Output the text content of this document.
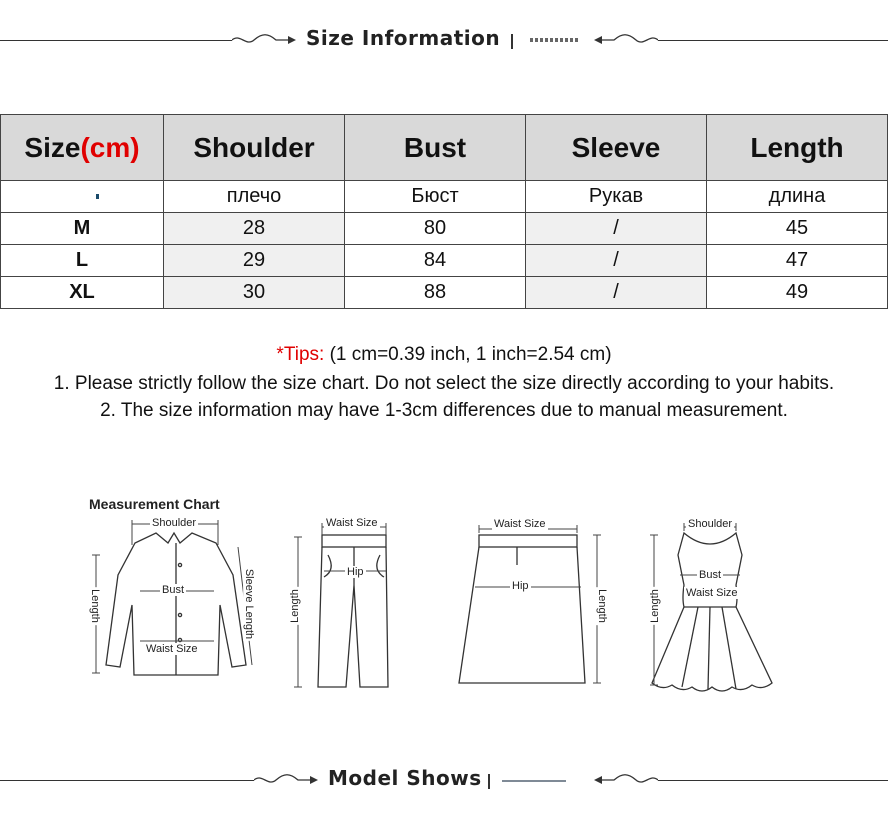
Size Information
Size(cm)	Shoulder	Bust	Sleeve	Length
	плечо	Бюст	Рукав	длина
M	28	80	/	45
L	29	84	/	47
XL	30	88	/	49
*Tips: (1 cm=0.39 inch, 1 inch=2.54 cm)
1. Please strictly follow the size chart. Do not select the size directly according to your habits.
2. The size information may have 1-3cm differences due to manual measurement.
Measurement Chart
Shoulder
Bust
Waist Size
Length	Sleeve Length
Waist Size
Hip
Length
Waist Size
Hip
Length
Shoulder
Bust
Waist Size
Length
Model Shows
